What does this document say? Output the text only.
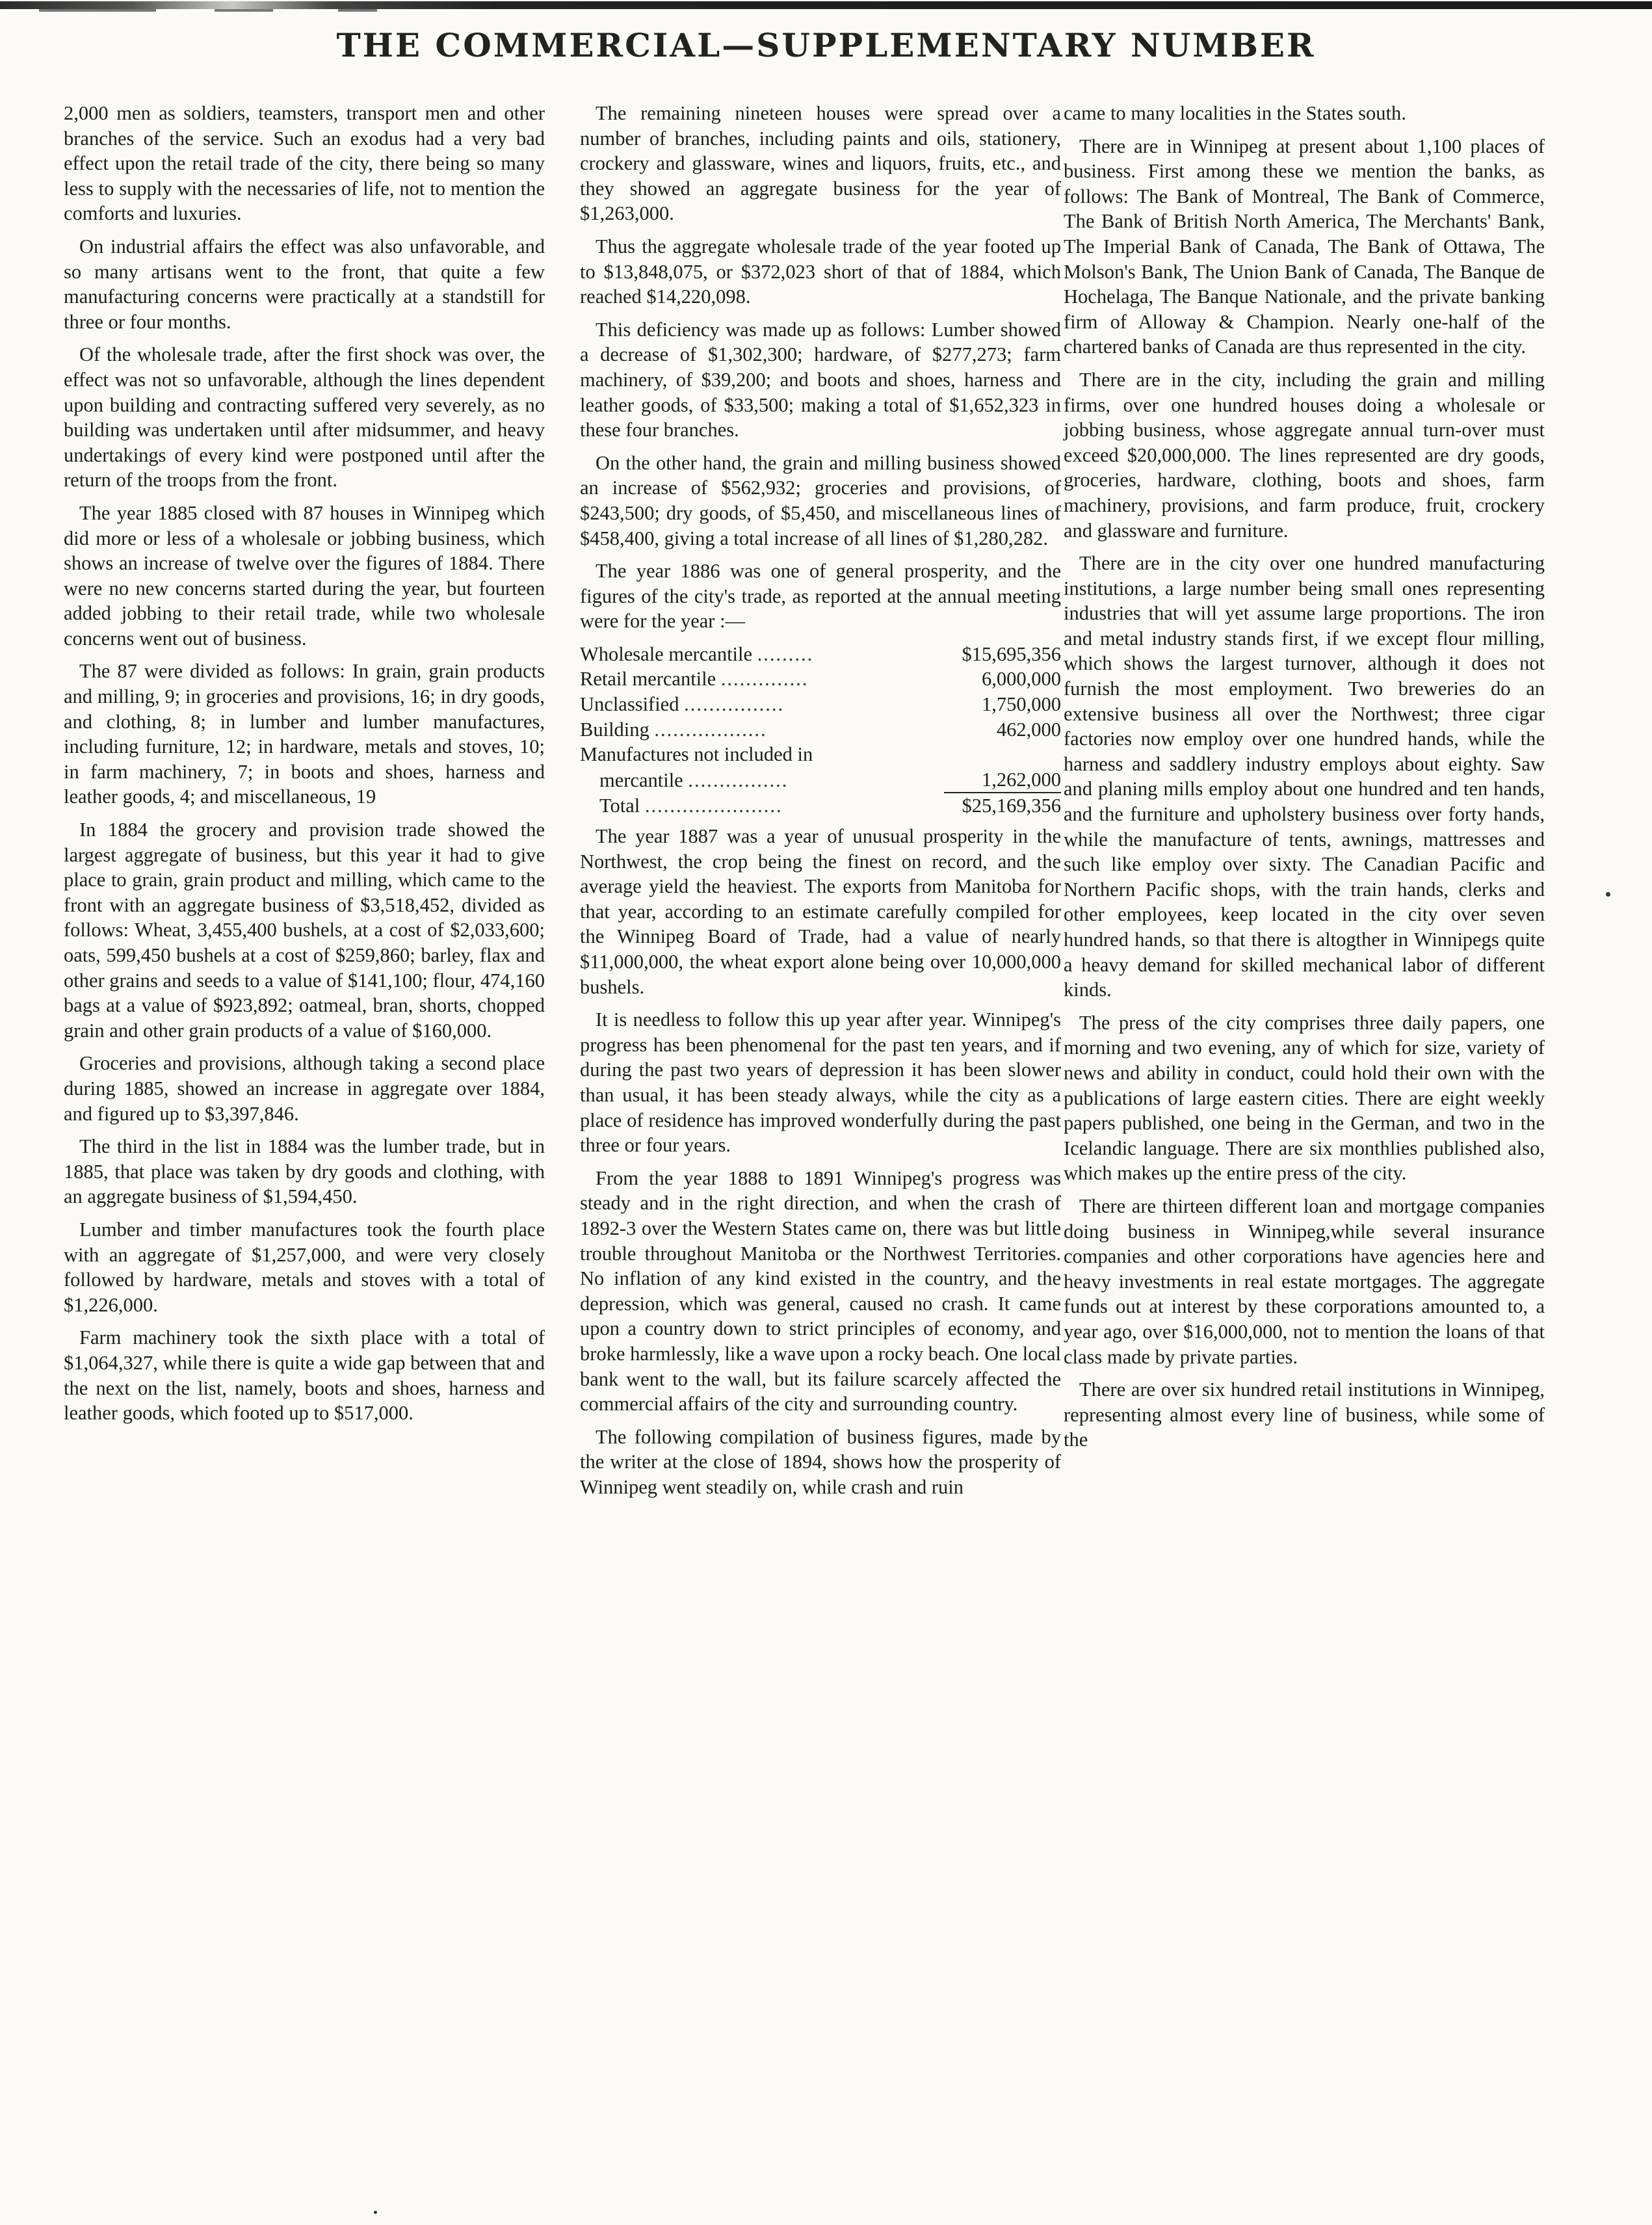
THE COMMERCIAL—SUPPLEMENTARY NUMBER

2,000 men as soldiers, teamsters, transport men and other branches of the service. Such an exodus had a very bad effect upon the retail trade of the city, there being so many less to supply with the necessaries of life, not to mention the comforts and luxuries.

On industrial affairs the effect was also unfavorable, and so many artisans went to the front, that quite a few manufacturing concerns were practically at a standstill for three or four months.

Of the wholesale trade, after the first shock was over, the effect was not so unfavorable, although the lines dependent upon building and contracting suffered very severely, as no building was undertaken until after midsummer, and heavy undertakings of every kind were postponed until after the return of the troops from the front.

The year 1885 closed with 87 houses in Winnipeg which did more or less of a wholesale or jobbing business, which shows an increase of twelve over the figures of 1884. There were no new concerns started during the year, but fourteen added jobbing to their retail trade, while two wholesale concerns went out of business.

The 87 were divided as follows: In grain, grain products and milling, 9; in groceries and provisions, 16; in dry goods, and clothing, 8; in lumber and lumber manufactures, including furniture, 12; in hardware, metals and stoves, 10; in farm machinery, 7; in boots and shoes, harness and leather goods, 4; and miscellaneous, 19

In 1884 the grocery and provision trade showed the largest aggregate of business, but this year it had to give place to grain, grain product and milling, which came to the front with an aggregate business of $3,518,452, divided as follows: Wheat, 3,455,400 bushels, at a cost of $2,033,600; oats, 599,450 bushels at a cost of $259,860; barley, flax and other grains and seeds to a value of $141,100; flour, 474,160 bags at a value of $923,892; oatmeal, bran, shorts, chopped grain and other grain products of a value of $160,000.

Groceries and provisions, although taking a second place during 1885, showed an increase in aggregate over 1884, and figured up to $3,397,846.

The third in the list in 1884 was the lumber trade, but in 1885, that place was taken by dry goods and clothing, with an aggregate business of $1,594,450.

Lumber and timber manufactures took the fourth place with an aggregate of $1,257,000, and were very closely followed by hardware, metals and stoves with a total of $1,226,000.

Farm machinery took the sixth place with a total of $1,064,327, while there is quite a wide gap between that and the next on the list, namely, boots and shoes, harness and leather goods, which footed up to $517,000.

The remaining nineteen houses were spread over a number of branches, including paints and oils, stationery, crockery and glassware, wines and liquors, fruits, etc., and they showed an aggregate business for the year of $1,263,000.

Thus the aggregate wholesale trade of the year footed up to $13,848,075, or $372,023 short of that of 1884, which reached $14,220,098.

This deficiency was made up as follows: Lumber showed a decrease of $1,302,300; hardware, of $277,273; farm machinery, of $39,200; and boots and shoes, harness and leather goods, of $33,500; making a total of $1,652,323 in these four branches.

On the other hand, the grain and milling business showed an increase of $562,932; groceries and provisions, of $243,500; dry goods, of $5,450, and miscellaneous lines of $458,400, giving a total increase of all lines of $1,280,282.

The year 1886 was one of general prosperity, and the figures of the city's trade, as reported at the annual meeting were for the year :—

Wholesale mercantile .........	$15,695,356
Retail mercantile ..............	6,000,000
Unclassified ................	1,750,000
Building ..................	462,000
Manufactures not included in	
mercantile ................	1,262,000
Total ......................	$25,169,356

The year 1887 was a year of unusual prosperity in the Northwest, the crop being the finest on record, and the average yield the heaviest. The exports from Manitoba for that year, according to an estimate carefully compiled for the Winnipeg Board of Trade, had a value of nearly $11,000,000, the wheat export alone being over 10,000,000 bushels.

It is needless to follow this up year after year. Winnipeg's progress has been phenomenal for the past ten years, and if during the past two years of depression it has been slower than usual, it has been steady always, while the city as a place of residence has improved wonderfully during the past three or four years.

From the year 1888 to 1891 Winnipeg's progress was steady and in the right direction, and when the crash of 1892-3 over the Western States came on, there was but little trouble throughout Manitoba or the Northwest Territories. No inflation of any kind existed in the country, and the depression, which was general, caused no crash. It came upon a country down to strict principles of economy, and broke harmlessly, like a wave upon a rocky beach. One local bank went to the wall, but its failure scarcely affected the commercial affairs of the city and surrounding country.

The following compilation of business figures, made by the writer at the close of 1894, shows how the prosperity of Winnipeg went steadily on, while crash and ruin

came to many localities in the States south.

There are in Winnipeg at present about 1,100 places of business. First among these we mention the banks, as follows: The Bank of Montreal, The Bank of Commerce, The Bank of British North America, The Merchants' Bank, The Imperial Bank of Canada, The Bank of Ottawa, The Molson's Bank, The Union Bank of Canada, The Banque de Hochelaga, The Banque Nationale, and the private banking firm of Alloway & Champion. Nearly one-half of the chartered banks of Canada are thus represented in the city.

There are in the city, including the grain and milling firms, over one hundred houses doing a wholesale or jobbing business, whose aggregate annual turn-over must exceed $20,000,000. The lines represented are dry goods, groceries, hardware, clothing, boots and shoes, farm machinery, provisions, and farm produce, fruit, crockery and glassware and furniture.

There are in the city over one hundred manufacturing institutions, a large number being small ones representing industries that will yet assume large proportions. The iron and metal industry stands first, if we except flour milling, which shows the largest turnover, although it does not furnish the most employment. Two breweries do an extensive business all over the Northwest; three cigar factories now employ over one hundred hands, while the harness and saddlery industry employs about eighty. Saw and planing mills employ about one hundred and ten hands, and the furniture and upholstery business over forty hands, while the manufacture of tents, awnings, mattresses and such like employ over sixty. The Canadian Pacific and Northern Pacific shops, with the train hands, clerks and other employees, keep located in the city over seven hundred hands, so that there is altogther in Winnipegs quite a heavy demand for skilled mechanical labor of different kinds.

The press of the city comprises three daily papers, one morning and two evening, any of which for size, variety of news and ability in conduct, could hold their own with the publications of large eastern cities. There are eight weekly papers published, one being in the German, and two in the Icelandic language. There are six monthlies published also, which makes up the entire press of the city.

There are thirteen different loan and mortgage companies doing business in Winnipeg,while several insurance companies and other corporations have agencies here and heavy investments in real estate mortgages. The aggregate funds out at interest by these corporations amounted to, a year ago, over $16,000,000, not to mention the loans of that class made by private parties.

There are over six hundred retail institutions in Winnipeg, representing almost every line of business, while some of the
